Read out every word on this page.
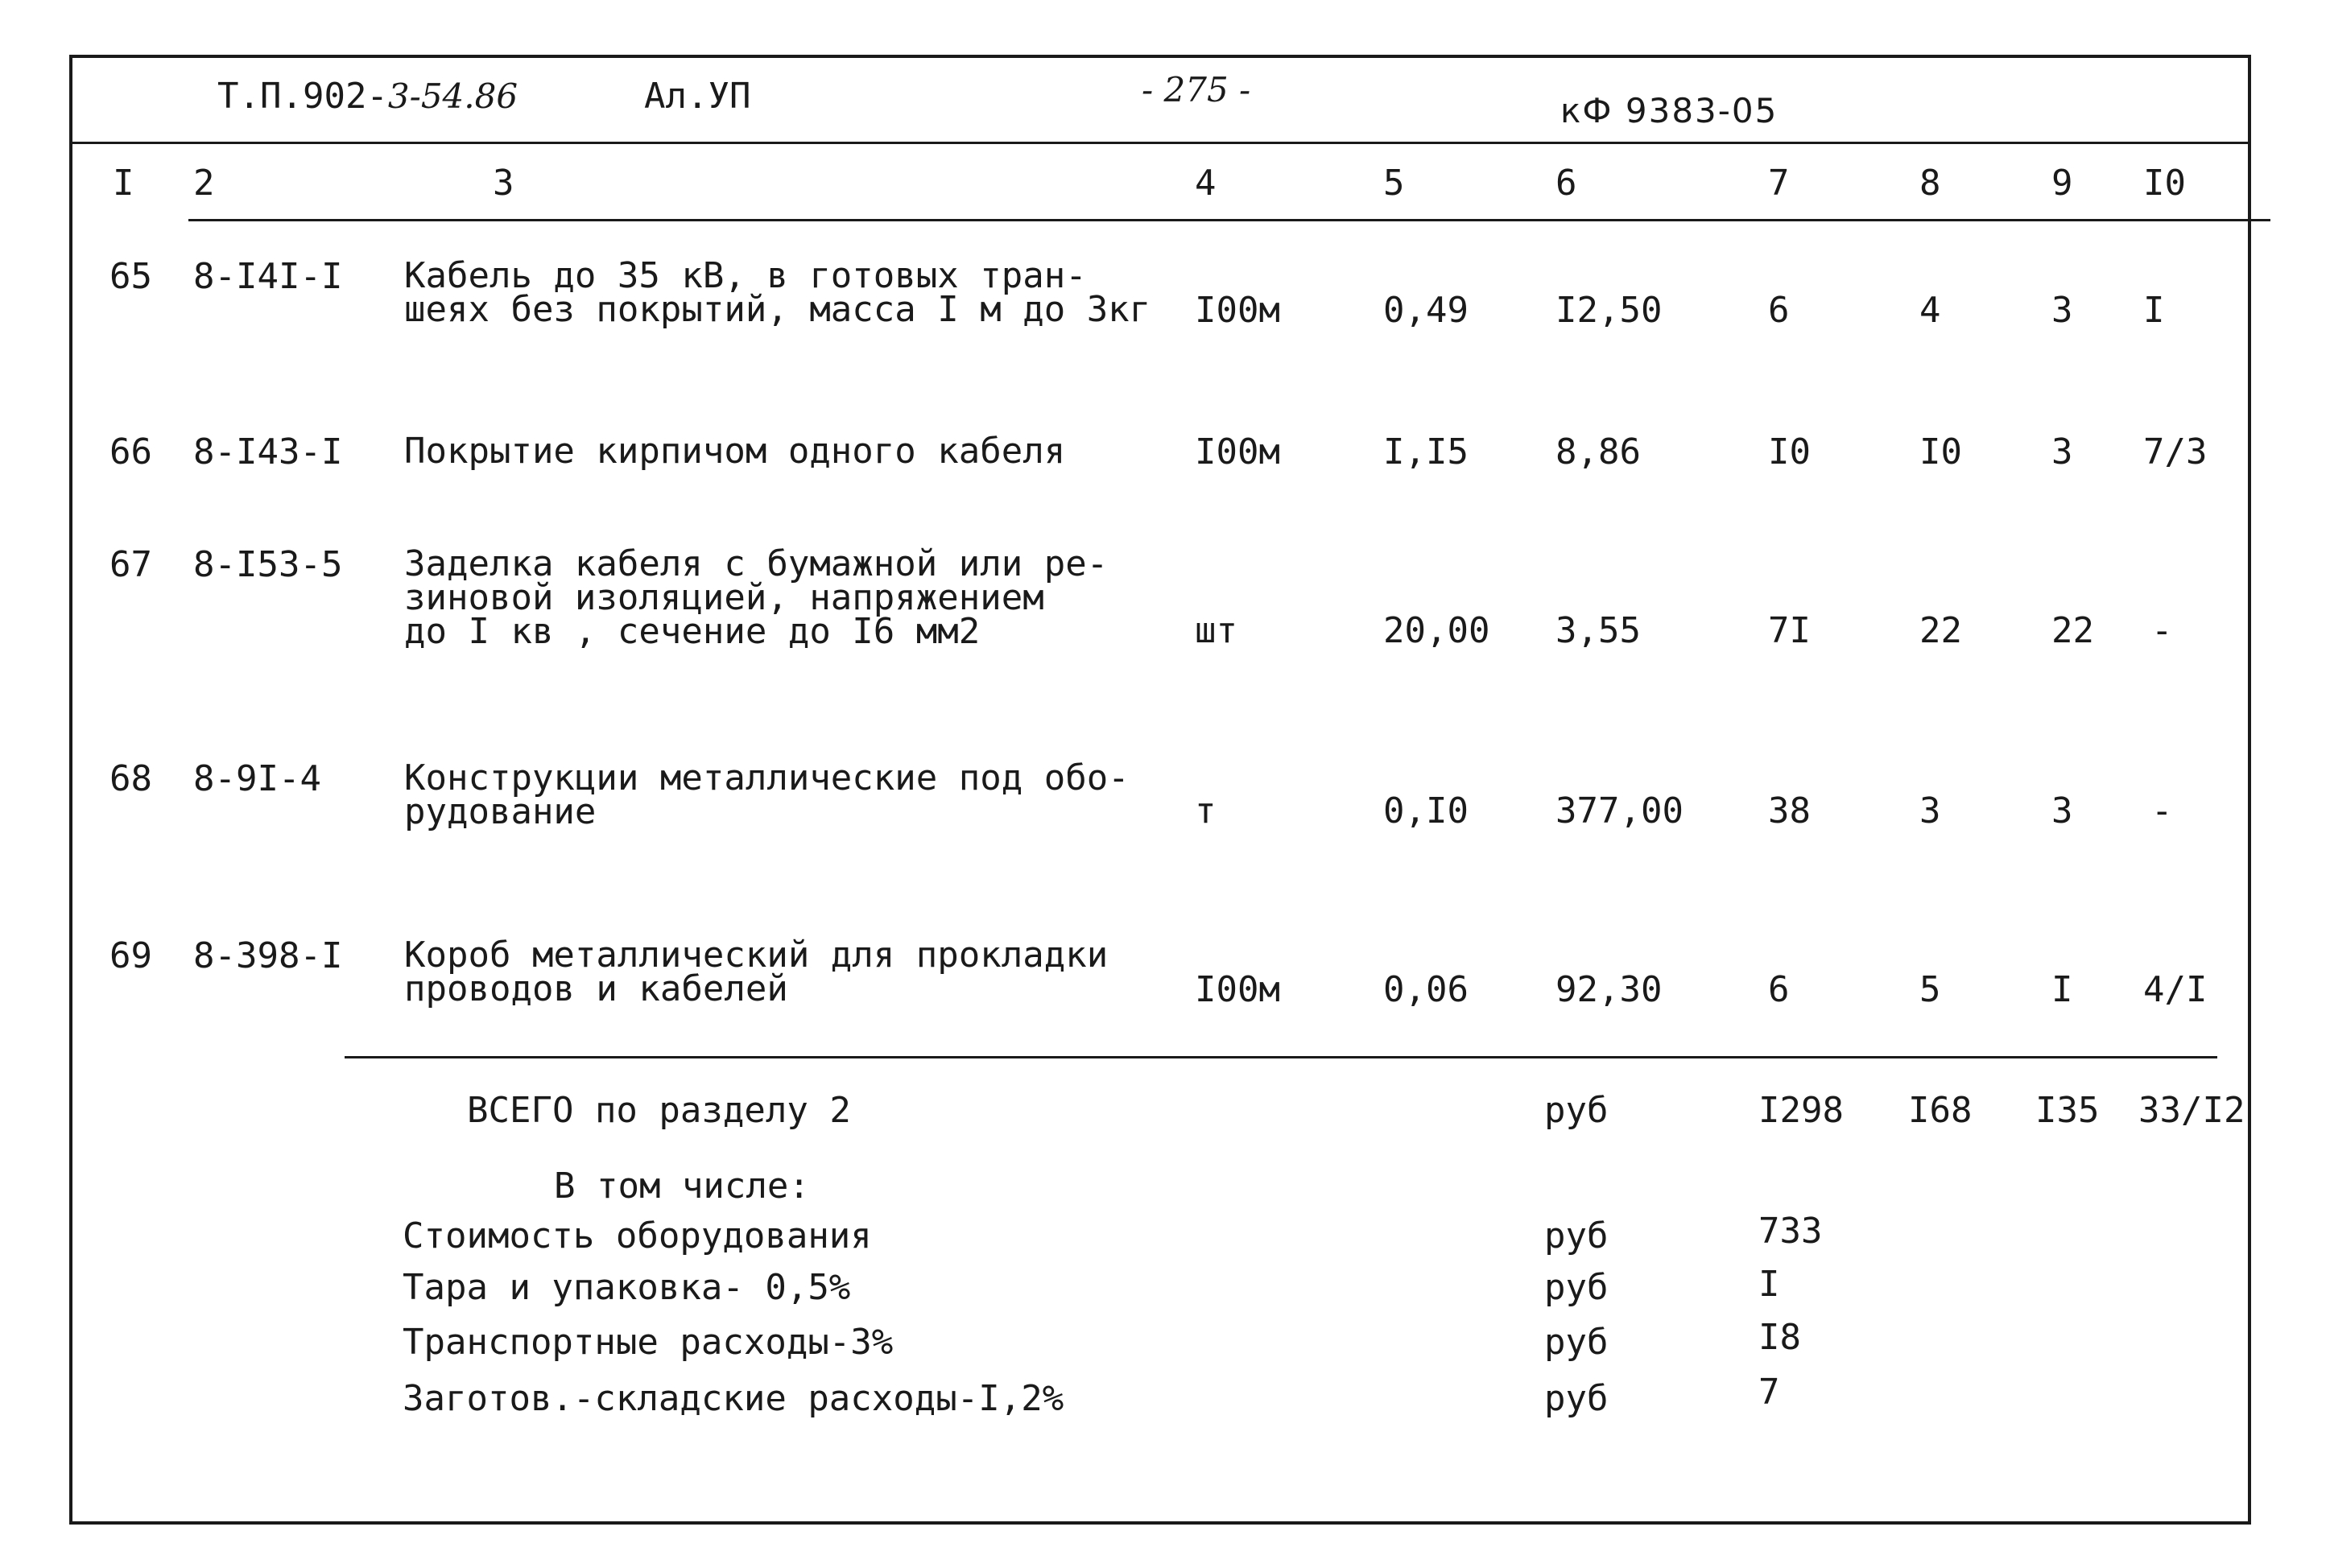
Т.П.902-3-54.86	Ал.УП	- 275 -
кФ 9383-05
I 2	3	4	5	6	7	8	9 I0
65 8-I4I-I Кабель до 35 кВ, в готовых тран-
шеях без покрытий, масса I м до 3кг I00м	0,49 I2,50	6	4	3 I
66 8-I43-I Покрытие кирпичом одного кабеля	I00м	I,I5 8,86	I0	I0	3 7/3
67 8-I53-5 Заделка кабеля с бумажной или ре-
зиновой изоляцией, напряжением
до I кв , сечение до I6 мм2	шт	20,00 3,55	7I	22	22 -
68 8-9I-4 Конструкции металлические под обо-
рудование	т	0,I0 377,00 38	3	3 -
69 8-398-I Короб металлический для прокладки
проводов и кабелей	I00м	0,06 92,30	6	5	I 4/I
ВСЕГО по разделу 2	руб	I298 I68 I35 33/I2
В том числе:
Стоимость оборудования	руб	733
Тара и упаковка- 0,5%	руб	I
Транспортные расходы-3%	руб	I8
Заготов.-складские расходы-I,2%	руб	7
